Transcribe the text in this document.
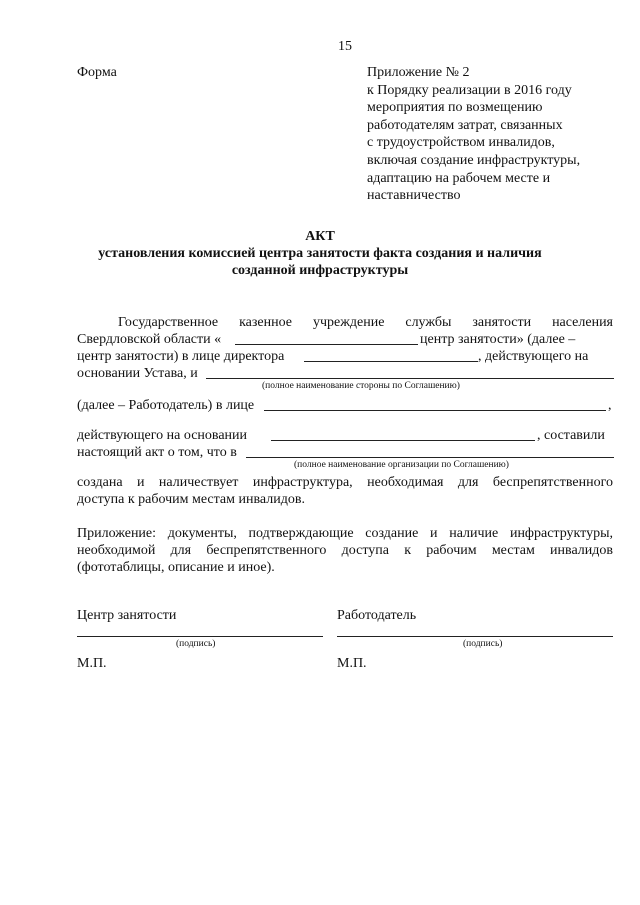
15
Форма	Приложение № 2
к Порядку реализации в 2016 году
мероприятия по возмещению
работодателям затрат, связанных
с трудоустройством инвалидов,
включая создание инфраструктуры,
адаптацию на рабочем месте и
наставничество
АКТ
установления комиссией центра занятости факта создания и наличия
созданной инфраструктуры
Государственное казенное учреждение службы занятости населения
Свердловской области «	центр занятости» (далее –
центр занятости) в лице директора	, действующего на
основании Устава, и
(полное наименование стороны по Соглашению)
(далее – Работодатель) в лице	,
действующего на основании	, составили
настоящий акт о том, что в
(полное наименование организации по Соглашению)
создана и наличествует инфраструктура, необходимая для беспрепятственного
доступа к рабочим местам инвалидов.
Приложение: документы, подтверждающие создание и наличие инфраструктуры,
необходимой для беспрепятственного доступа к рабочим местам инвалидов
(фототаблицы, описание и иное).
Центр занятости
(подпись)
М.П.
Работодатель
(подпись)
М.П.
